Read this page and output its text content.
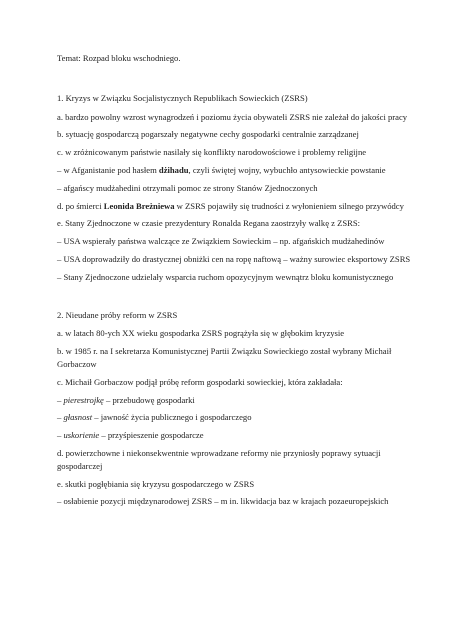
Temat: Rozpad bloku wschodniego.

1. Kryzys w Związku Socjalistycznych Republikach Sowieckich (ZSRS)

a. bardzo powolny wzrost wynagrodzeń i poziomu życia obywateli ZSRS nie zależał do jakości pracy

b. sytuację gospodarczą pogarszały negatywne cechy gospodarki centralnie zarządzanej

c. w zróżnicowanym państwie nasilały się konflikty narodowościowe i problemy religijne

– w Afganistanie pod hasłem dżihadu, czyli świętej wojny, wybuchło antysowieckie powstanie

– afgańscy mudżahedini otrzymali pomoc ze strony Stanów Zjednoczonych

d. po śmierci Leonida Breżniewa w ZSRS pojawiły się trudności z wyłonieniem silnego przywódcy

e. Stany Zjednoczone w czasie prezydentury Ronalda Regana zaostrzyły walkę z ZSRS:

– USA wspierały państwa walczące ze Związkiem Sowieckim – np. afgańskich mudżahedinów

– USA doprowadziły do drastycznej obniżki cen na ropę naftową – ważny surowiec eksportowy ZSRS

– Stany Zjednoczone udzielały wsparcia ruchom opozycyjnym wewnątrz bloku komunistycznego

2. Nieudane próby reform w ZSRS

a. w latach 80-ych XX wieku gospodarka ZSRS pogrążyła się w głębokim kryzysie

b. w 1985 r. na I sekretarza Komunistycznej Partii Związku Sowieckiego został wybrany Michaił Gorbaczow

c. Michaił Gorbaczow podjął próbę reform gospodarki sowieckiej, która zakładała:

– pierestrojkę – przebudowę gospodarki

– głasnost – jawność życia publicznego i gospodarczego

– uskorienie – przyśpieszenie gospodarcze

d. powierzchowne i niekonsekwentnie wprowadzane reformy nie przyniosły poprawy sytuacji gospodarczej

e. skutki pogłębiania się kryzysu gospodarczego w ZSRS

– osłabienie pozycji międzynarodowej ZSRS – m in. likwidacja baz w krajach pozaeuropejskich
